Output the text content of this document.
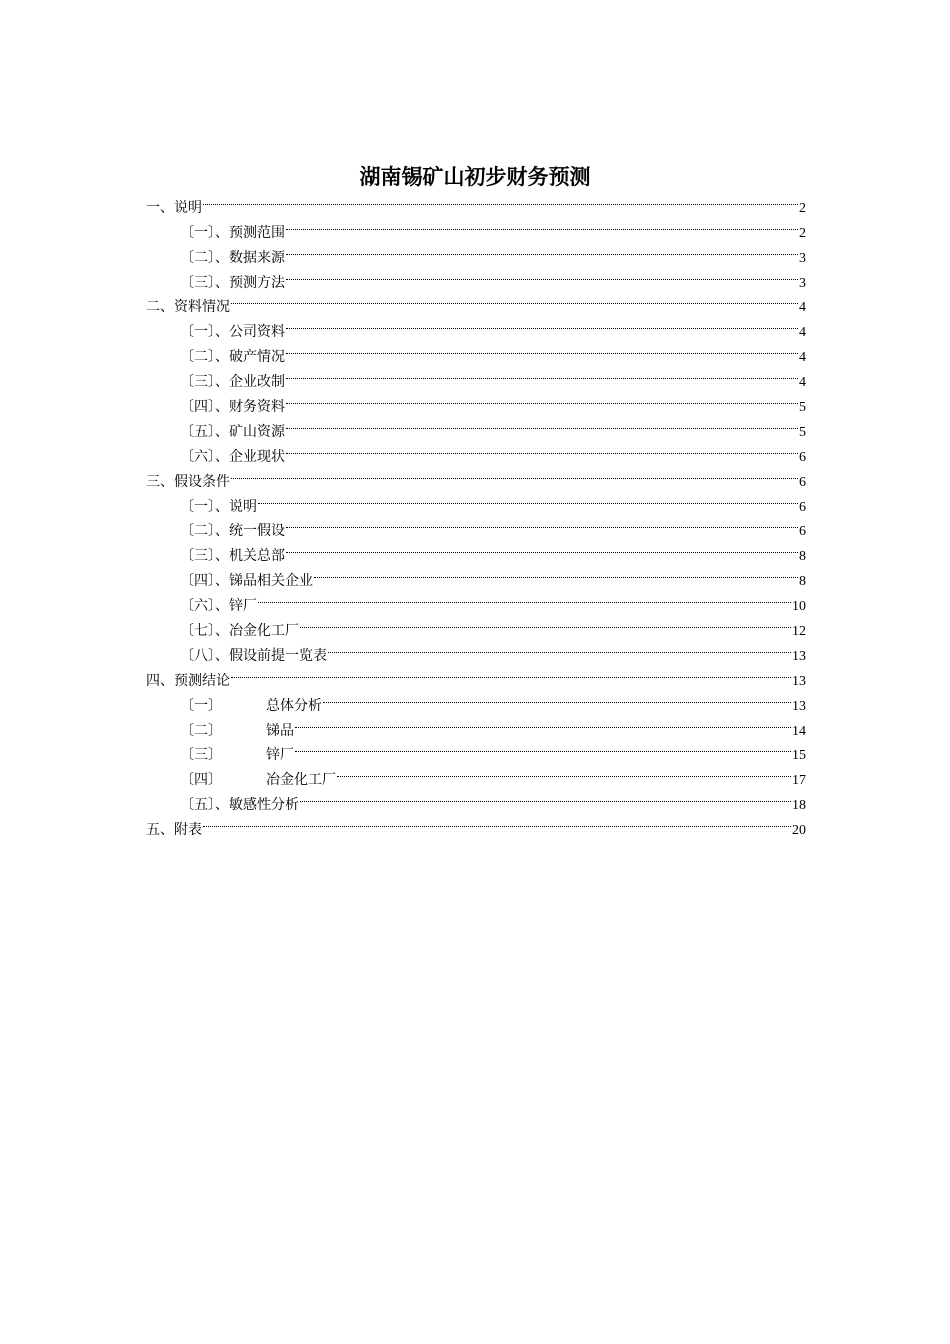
湖南锡矿山初步财务预测
一、说明	2
〔一〕、预测范围	2
〔二〕、数据来源	3
〔三〕、预测方法	3
二、资料情况	4
〔一〕、公司资料	4
〔二〕、破产情况	4
〔三〕、企业改制	4
〔四〕、财务资料	5
〔五〕、矿山资源	5
〔六〕、企业现状	6
三、假设条件	6
〔一〕、说明	6
〔二〕、统一假设	6
〔三〕、机关总部	8
〔四〕、锑品相关企业	8
〔六〕、锌厂	10
〔七〕、冶金化工厂	12
〔八〕、假设前提一览表	13
四、预测结论	13
〔一〕	总体分析	13
〔二〕	锑品	14
〔三〕	锌厂	15
〔四〕	冶金化工厂	17
〔五〕、敏感性分析	18
五、附表	20
